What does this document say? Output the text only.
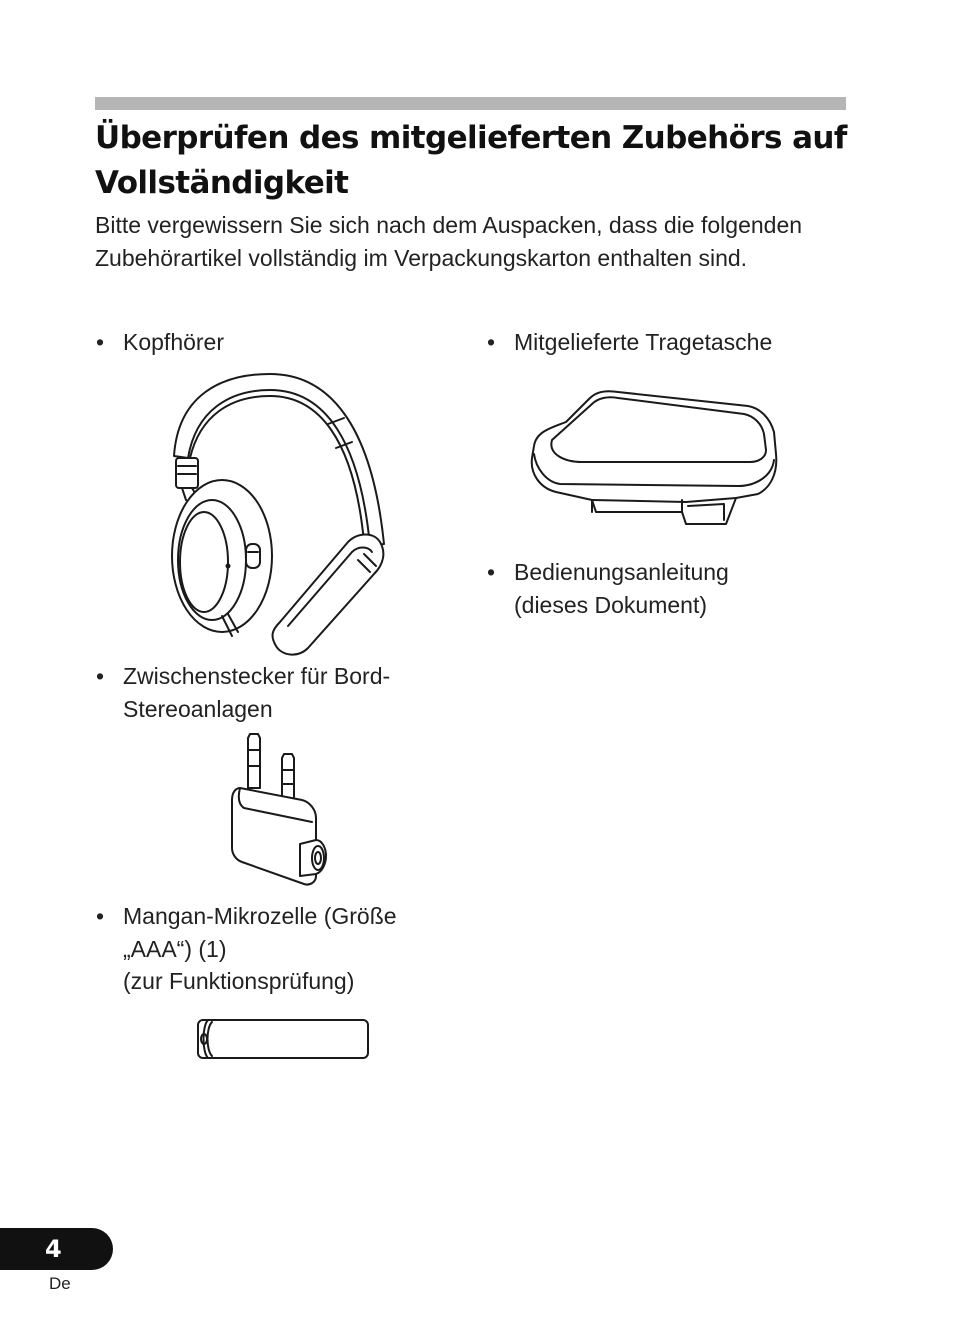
Überprüfen des mitgelieferten Zubehörs auf Vollständigkeit

Bitte vergewissern Sie sich nach dem Auspacken, dass die folgenden Zubehörartikel vollständig im Verpackungskarton enthalten sind.

• Kopfhörer	• Mitgelieferte Tragetasche
• Bedienungsanleitung
(dieses Dokument)
• Zwischenstecker für Bord-
Stereoanlagen
• Mangan-Mikrozelle (Größe
„AAA“) (1)
(zur Funktionsprüfung)
4
De
